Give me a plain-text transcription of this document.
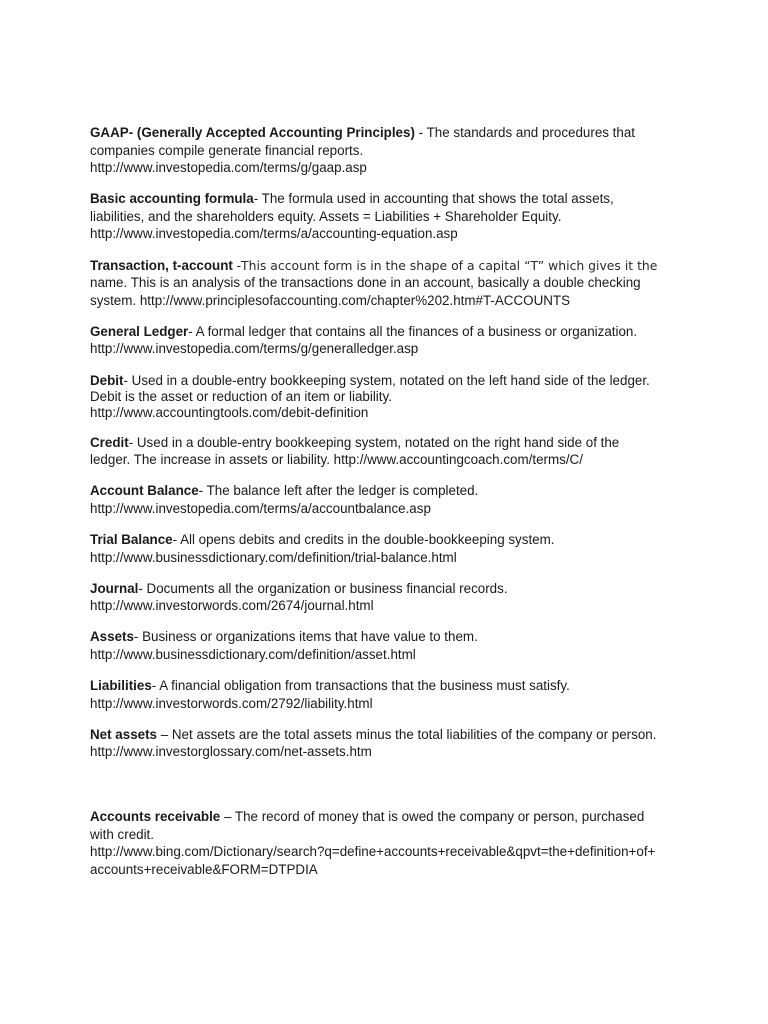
GAAP- (Generally Accepted Accounting Principles) - The standards and procedures that
companies compile generate financial reports.
http://www.investopedia.com/terms/g/gaap.asp
Basic accounting formula- The formula used in accounting that shows the total assets,
liabilities, and the shareholders equity. Assets = Liabilities + Shareholder Equity.
http://www.investopedia.com/terms/a/accounting-equation.asp
Transaction, t-account -This account form is in the shape of a capital “T” which gives it the
name. This is an analysis of the transactions done in an account, basically a double checking
system. http://www.principlesofaccounting.com/chapter%202.htm#T-ACCOUNTS
General Ledger- A formal ledger that contains all the finances of a business or organization.
http://www.investopedia.com/terms/g/generalledger.asp
Debit- Used in a double-entry bookkeeping system, notated on the left hand side of the ledger.
Debit is the asset or reduction of an item or liability.
http://www.accountingtools.com/debit-definition
Credit- Used in a double-entry bookkeeping system, notated on the right hand side of the
ledger. The increase in assets or liability. http://www.accountingcoach.com/terms/C/
Account Balance- The balance left after the ledger is completed.
http://www.investopedia.com/terms/a/accountbalance.asp
Trial Balance- All opens debits and credits in the double-bookkeeping system.
http://www.businessdictionary.com/definition/trial-balance.html
Journal- Documents all the organization or business financial records.
http://www.investorwords.com/2674/journal.html
Assets- Business or organizations items that have value to them.
http://www.businessdictionary.com/definition/asset.html
Liabilities- A financial obligation from transactions that the business must satisfy.
http://www.investorwords.com/2792/liability.html
Net assets – Net assets are the total assets minus the total liabilities of the company or person.
http://www.investorglossary.com/net-assets.htm
Accounts receivable – The record of money that is owed the company or person, purchased
with credit.
http://www.bing.com/Dictionary/search?q=define+accounts+receivable&qpvt=the+definition+of+
accounts+receivable&FORM=DTPDIA
